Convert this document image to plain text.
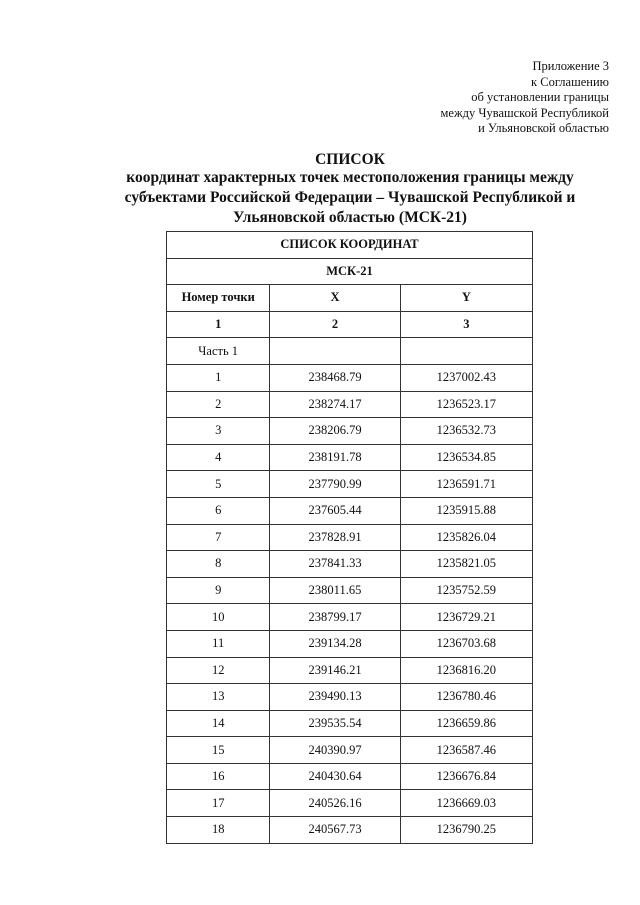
Приложение 3
к Соглашению
об установлении границы
между Чувашской Республикой
и Ульяновской областью
СПИСОК
координат характерных точек местоположения границы между
субъектами Российской Федерации – Чувашской Республикой и
Ульяновской областью (МСК-21)
СПИСОК КООРДИНАТ		
МСК-21		
Номер точки	X	Y
1	2	3
Часть 1		
1	238468.79	1237002.43
2	238274.17	1236523.17
3	238206.79	1236532.73
4	238191.78	1236534.85
5	237790.99	1236591.71
6	237605.44	1235915.88
7	237828.91	1235826.04
8	237841.33	1235821.05
9	238011.65	1235752.59
10	238799.17	1236729.21
11	239134.28	1236703.68
12	239146.21	1236816.20
13	239490.13	1236780.46
14	239535.54	1236659.86
15	240390.97	1236587.46
16	240430.64	1236676.84
17	240526.16	1236669.03
18	240567.73	1236790.25
